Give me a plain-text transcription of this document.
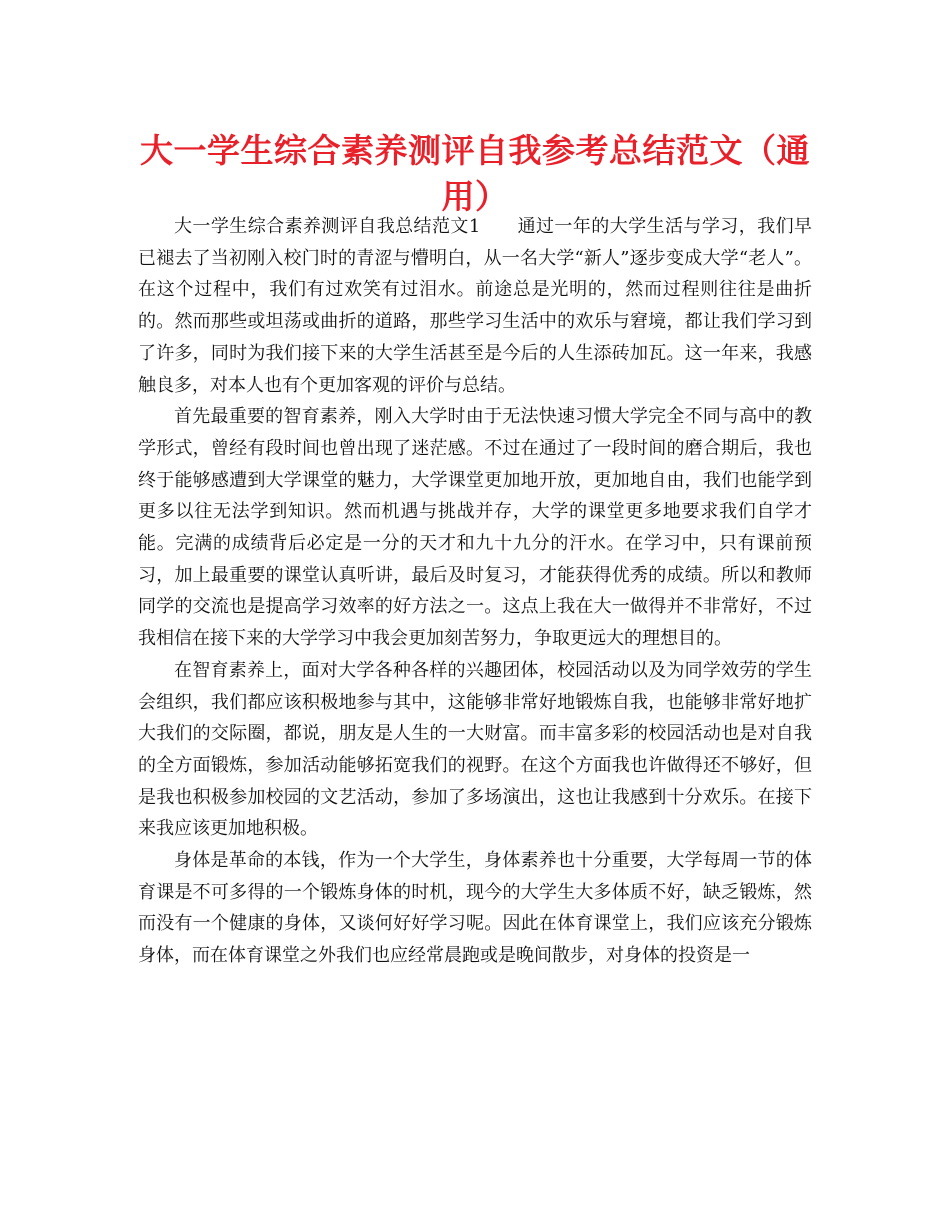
大一学生综合素养测评自我参考总结范文（通用）

大一学生综合素养测评自我总结范文1　　通过一年的大学生活与学习，我们早已褪去了当初刚入校门时的青涩与懵明白，从一名大学“新人”逐步变成大学“老人”。在这个过程中，我们有过欢笑有过泪水。前途总是光明的，然而过程则往往是曲折的。然而那些或坦荡或曲折的道路，那些学习生活中的欢乐与窘境，都让我们学习到了许多，同时为我们接下来的大学生活甚至是今后的人生添砖加瓦。这一年来，我感触良多，对本人也有个更加客观的评价与总结。

首先最重要的智育素养，刚入大学时由于无法快速习惯大学完全不同与高中的教学形式，曾经有段时间也曾出现了迷茫感。不过在通过了一段时间的磨合期后，我也终于能够感遭到大学课堂的魅力，大学课堂更加地开放，更加地自由，我们也能学到更多以往无法学到知识。然而机遇与挑战并存，大学的课堂更多地要求我们自学才能。完满的成绩背后必定是一分的天才和九十九分的汗水。在学习中，只有课前预习，加上最重要的课堂认真听讲，最后及时复习，才能获得优秀的成绩。所以和教师同学的交流也是提高学习效率的好方法之一。这点上我在大一做得并不非常好，不过我相信在接下来的大学学习中我会更加刻苦努力，争取更远大的理想目的。

在智育素养上，面对大学各种各样的兴趣团体，校园活动以及为同学效劳的学生会组织，我们都应该积极地参与其中，这能够非常好地锻炼自我，也能够非常好地扩大我们的交际圈，都说，朋友是人生的一大财富。而丰富多彩的校园活动也是对自我的全方面锻炼，参加活动能够拓宽我们的视野。在这个方面我也许做得还不够好，但是我也积极参加校园的文艺活动，参加了多场演出，这也让我感到十分欢乐。在接下来我应该更加地积极。

身体是革命的本钱，作为一个大学生，身体素养也十分重要，大学每周一节的体育课是不可多得的一个锻炼身体的时机，现今的大学生大多体质不好，缺乏锻炼，然而没有一个健康的身体，又谈何好好学习呢。因此在体育课堂上，我们应该充分锻炼身体，而在体育课堂之外我们也应经常晨跑或是晚间散步，对身体的投资是一
